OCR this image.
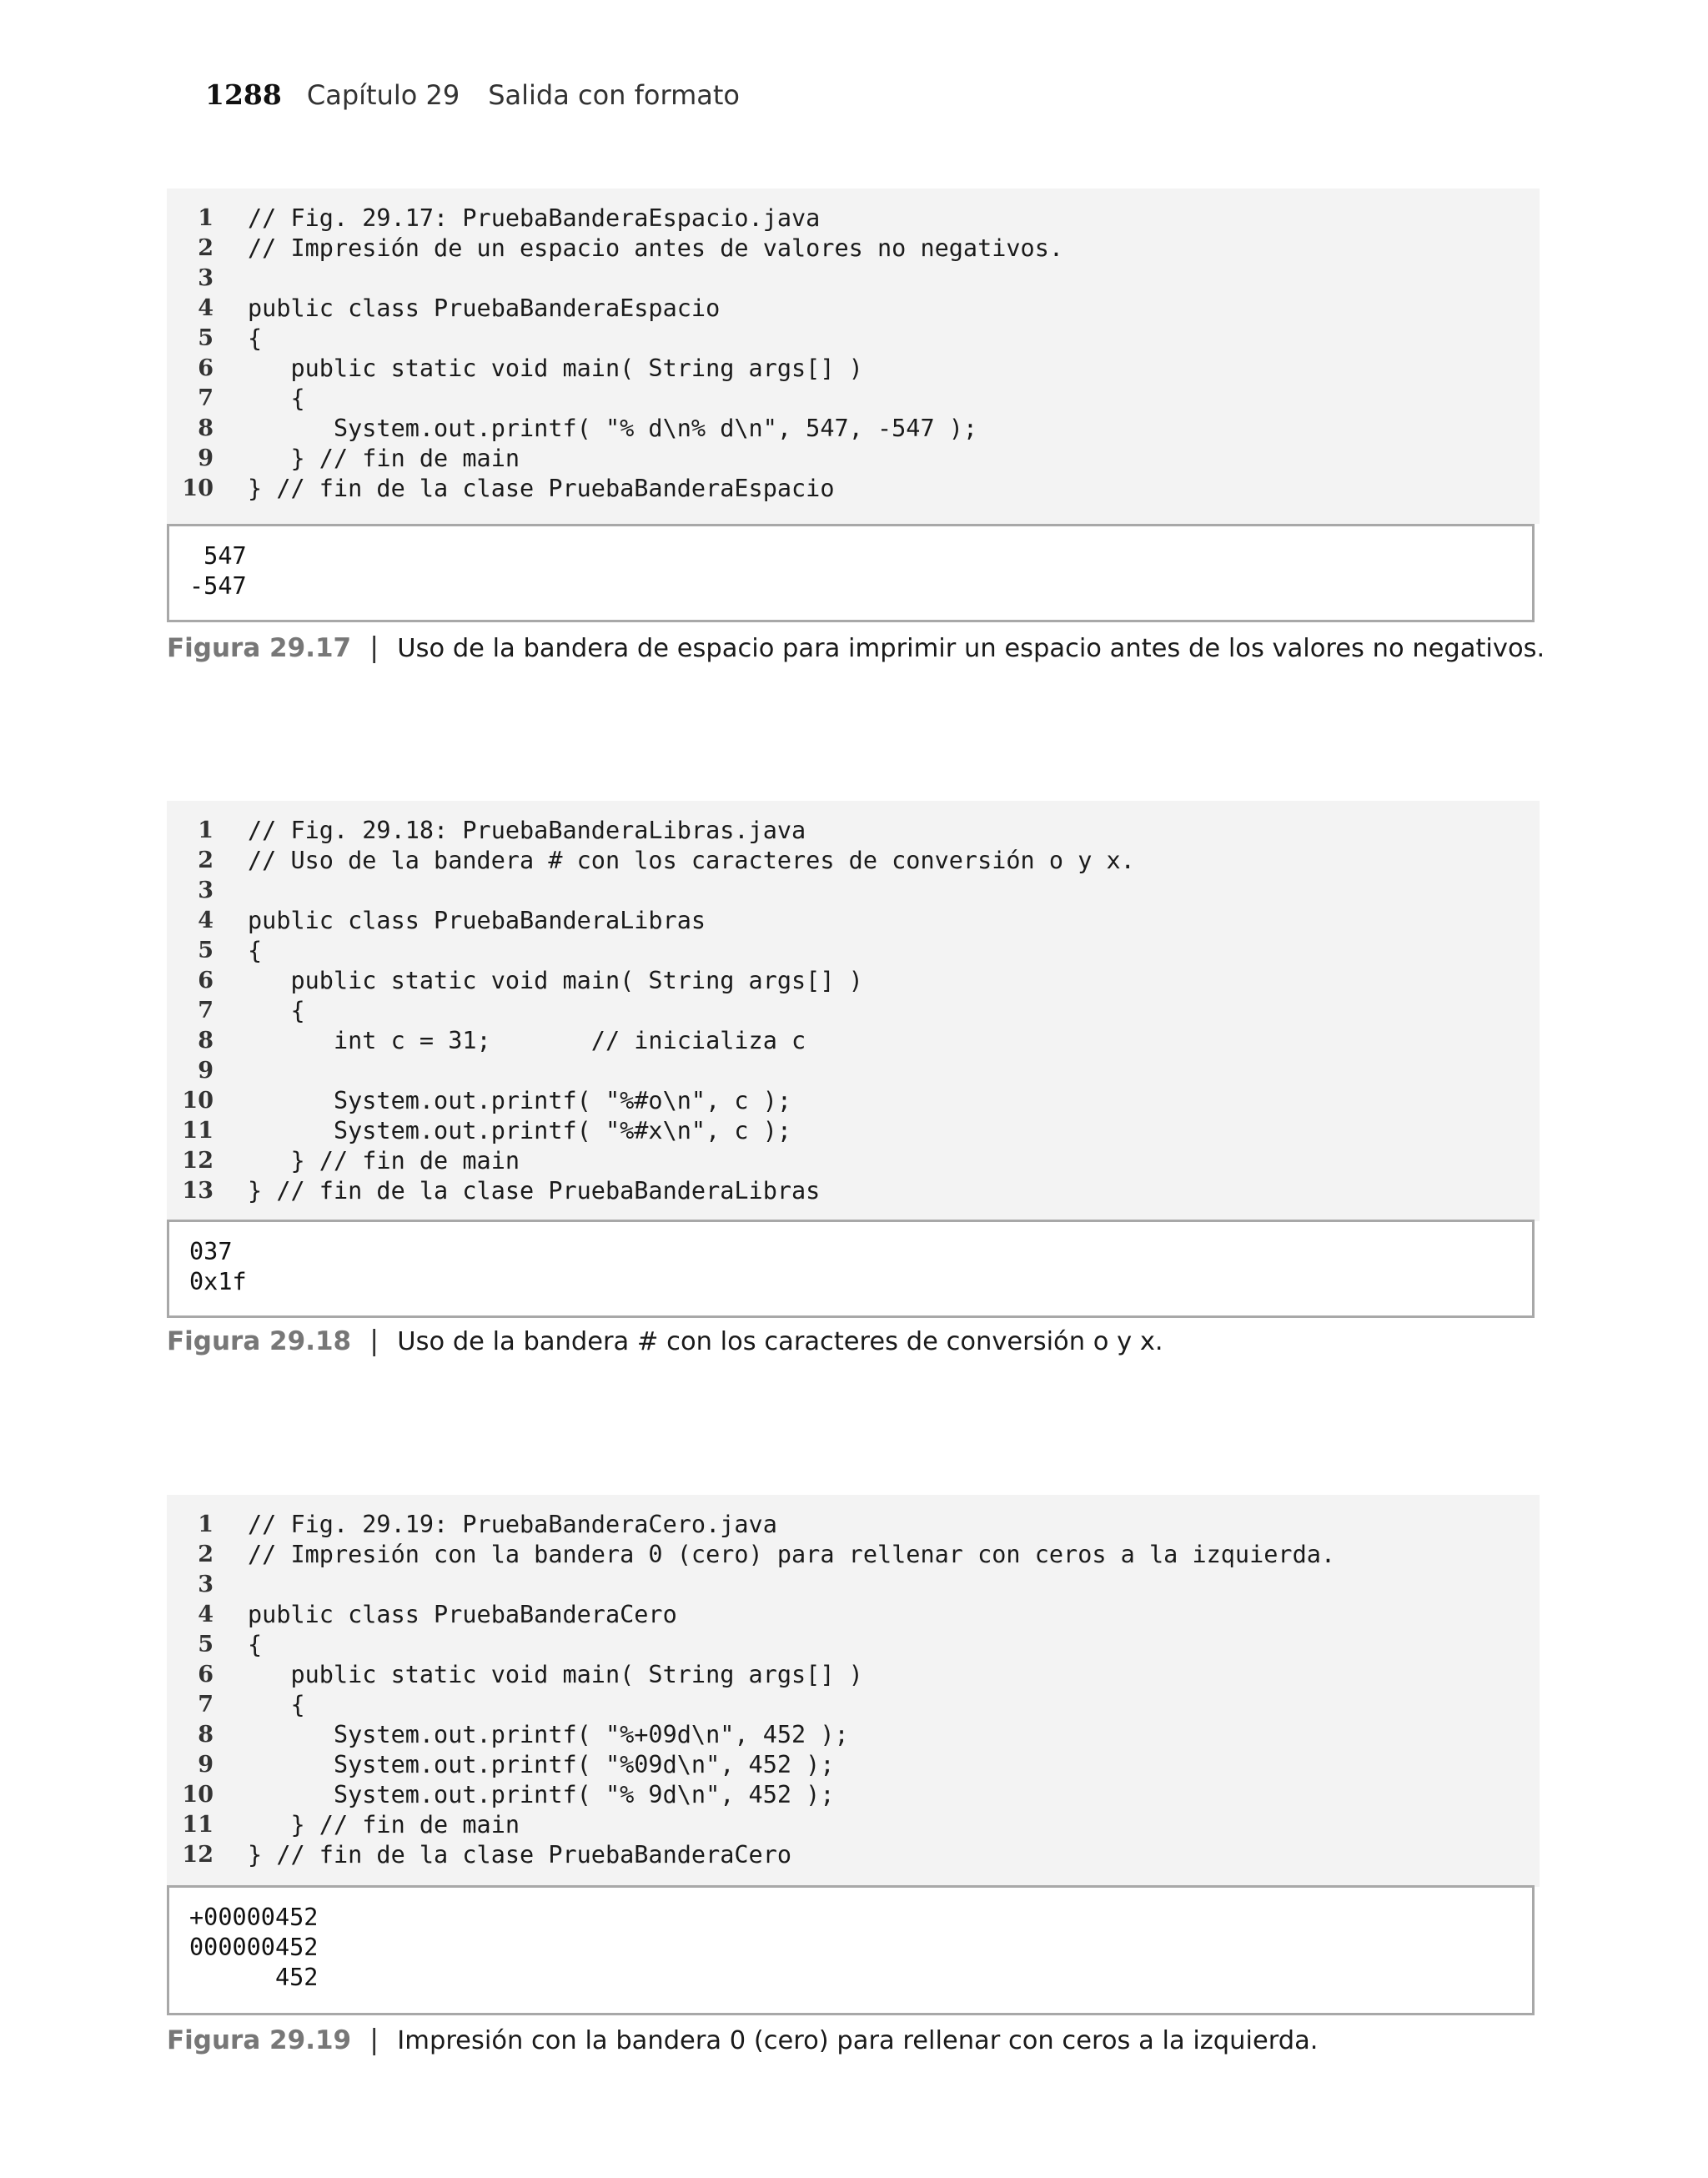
1288 Capítulo 29 Salida con formato
1 // Fig. 29.17: PruebaBanderaEspacio.java
2 // Impresión de un espacio antes de valores no negativos.
3
4 public class PruebaBanderaEspacio
5 {
6 public static void main( String args[] )
7 {
8 System.out.printf( "% d\n% d\n", 547, -547 );
9 } // fin de main
10 } // fin de la clase PruebaBanderaEspacio
547
-547
Figura 29.17 | Uso de la bandera de espacio para imprimir un espacio antes de los valores no negativos.
1 // Fig. 29.18: PruebaBanderaLibras.java
2 // Uso de la bandera # con los caracteres de conversión o y x.
3
4 public class PruebaBanderaLibras
5 {
6 public static void main( String args[] )
7 {
8 int c = 31;       // inicializa c
9
10 System.out.printf( "%#o\n", c );
11 System.out.printf( "%#x\n", c );
12 } // fin de main
13 } // fin de la clase PruebaBanderaLibras
037
0x1f
Figura 29.18 | Uso de la bandera # con los caracteres de conversión o y x.
1 // Fig. 29.19: PruebaBanderaCero.java
2 // Impresión con la bandera 0 (cero) para rellenar con ceros a la izquierda.
3
4 public class PruebaBanderaCero
5 {
6 public static void main( String args[] )
7 {
8 System.out.printf( "%+09d\n", 452 );
9 System.out.printf( "%09d\n", 452 );
10 System.out.printf( "% 9d\n", 452 );
11 } // fin de main
12 } // fin de la clase PruebaBanderaCero
+00000452
000000452
452
Figura 29.19 | Impresión con la bandera 0 (cero) para rellenar con ceros a la izquierda.
